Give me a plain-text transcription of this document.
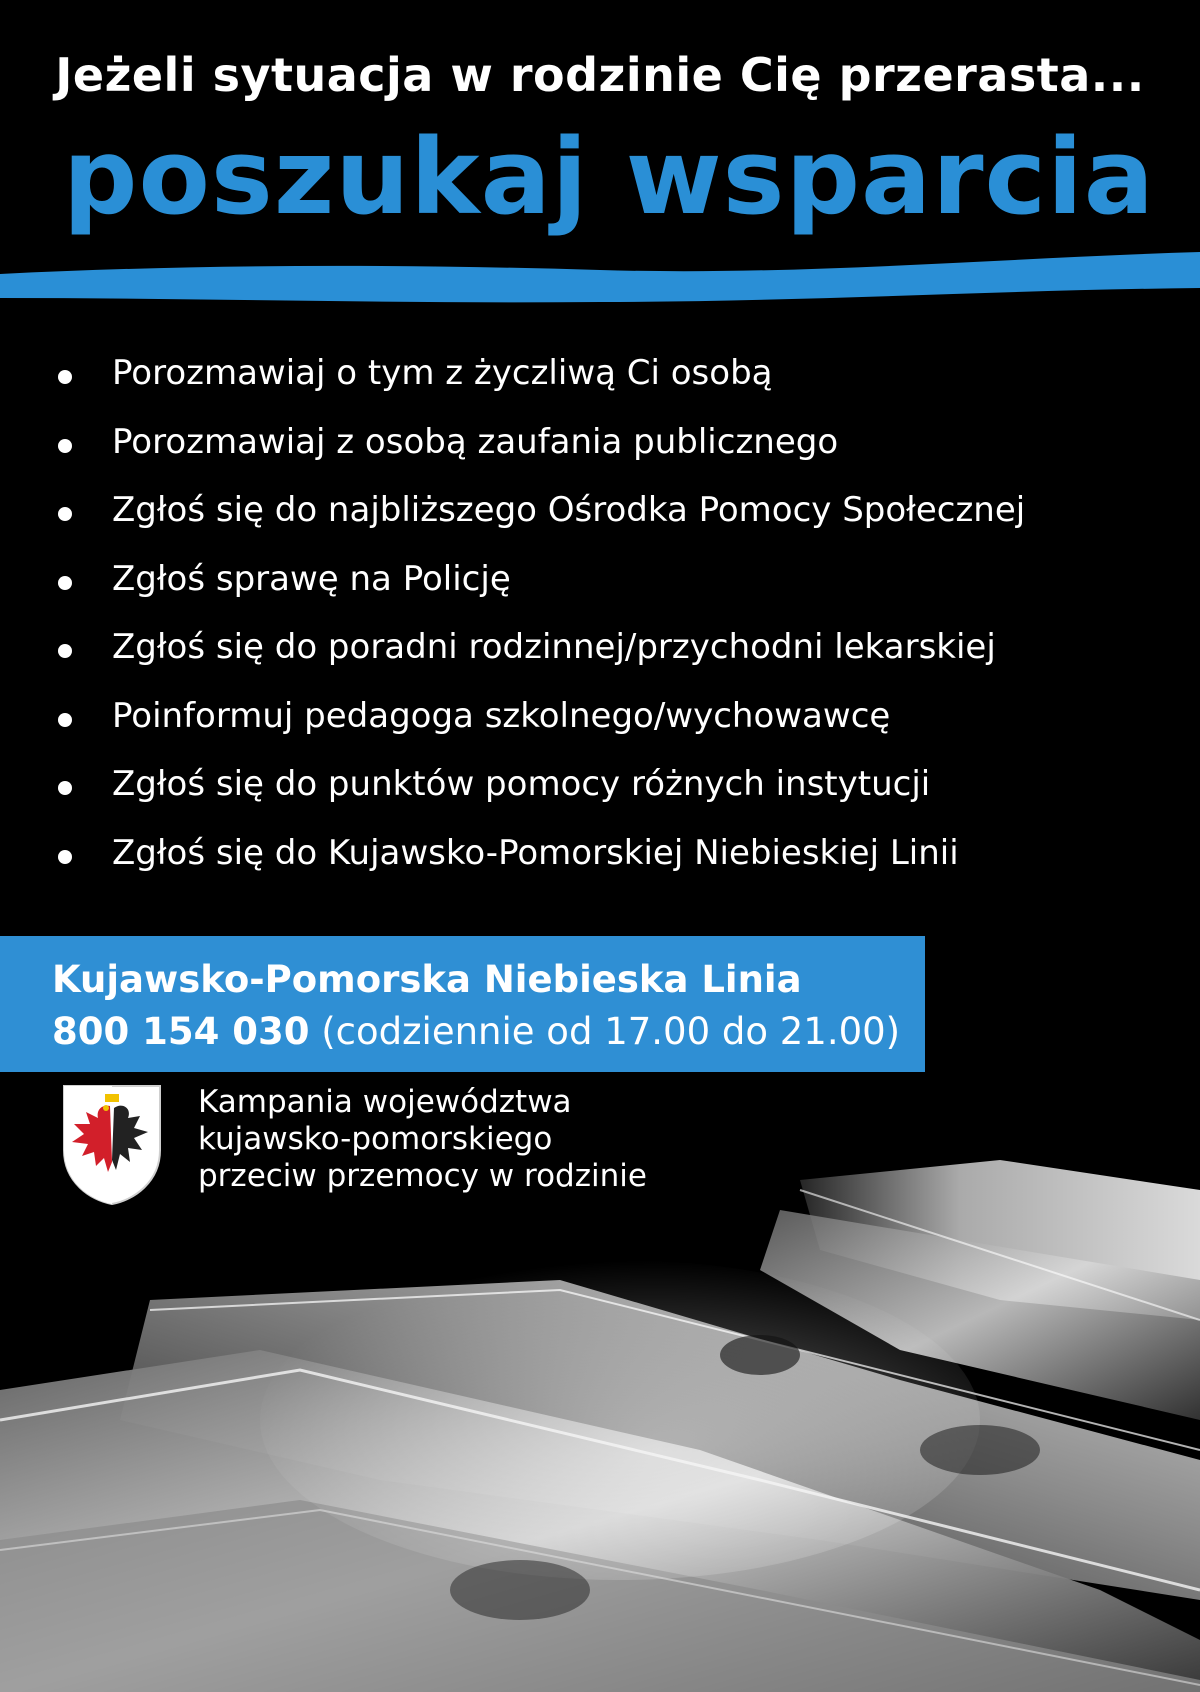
Jeżeli sytuacja w rodzinie Cię przerasta...
poszukaj wsparcia
Porozmawiaj o tym z życzliwą Ci osobą
Porozmawiaj z osobą zaufania publicznego
Zgłoś się do najbliższego Ośrodka Pomocy Społecznej
Zgłoś sprawę na Policję
Zgłoś się do poradni rodzinnej/przychodni lekarskiej
Poinformuj pedagoga szkolnego/wychowawcę
Zgłoś się do punktów pomocy różnych instytucji
Zgłoś się do Kujawsko-Pomorskiej Niebieskiej Linii
Kujawsko-Pomorska Niebieska Linia
800 154 030 (codziennie od 17.00 do 21.00)
Kampania województwa
kujawsko-pomorskiego
przeciw przemocy w rodzinie
